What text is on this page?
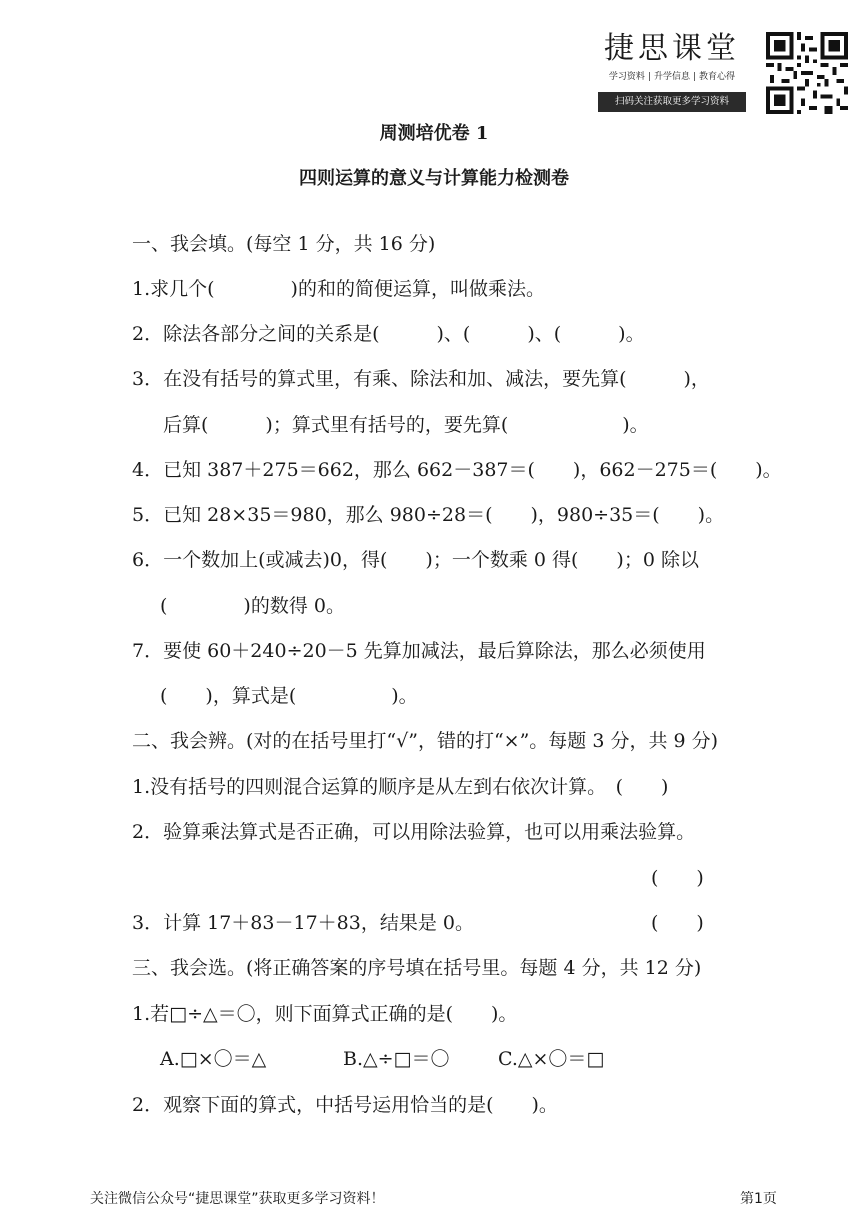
捷思课堂
学习资料 | 升学信息 | 教育心得
扫码关注获取更多学习资料
周测培优卷 1
四则运算的意义与计算能力检测卷
一、我会填。(每空 1 分，共 16 分)
1.求几个(　　　　)的和的简便运算，叫做乘法。
2．除法各部分之间的关系是(　　　)、(　　　)、(　　　)。
3．在没有括号的算式里，有乘、除法和加、减法，要先算(　　　)，
后算(　　　)；算式里有括号的，要先算(　　　　　　)。
4．已知 387＋275＝662，那么 662－387＝(　　)，662－275＝(　　)。
5．已知 28×35＝980，那么 980÷28＝(　　)，980÷35＝(　　)。
6．一个数加上(或减去)0，得(　　)；一个数乘 0 得(　　)；0 除以
(　　　　)的数得 0。
7．要使 60＋240÷20－5 先算加减法，最后算除法，那么必须使用
(　　)，算式是(　　　　　)。
二、我会辨。(对的在括号里打“√”，错的打“×”。每题 3 分，共 9 分)
1.没有括号的四则混合运算的顺序是从左到右依次计算。　(　　)
2．验算乘法算式是否正确，可以用除法验算，也可以用乘法验算。
(　　)
3．计算 17＋83－17＋83，结果是 0。	(　　)
三、我会选。(将正确答案的序号填在括号里。每题 4 分，共 12 分)
1.若□÷△＝〇，则下面算式正确的是(　　)。
A.□×〇＝△	B.△÷□＝〇	C.△×〇＝□
2．观察下面的算式，中括号运用恰当的是(　　)。
关注微信公众号“捷思课堂”获取更多学习资料！	第1页
